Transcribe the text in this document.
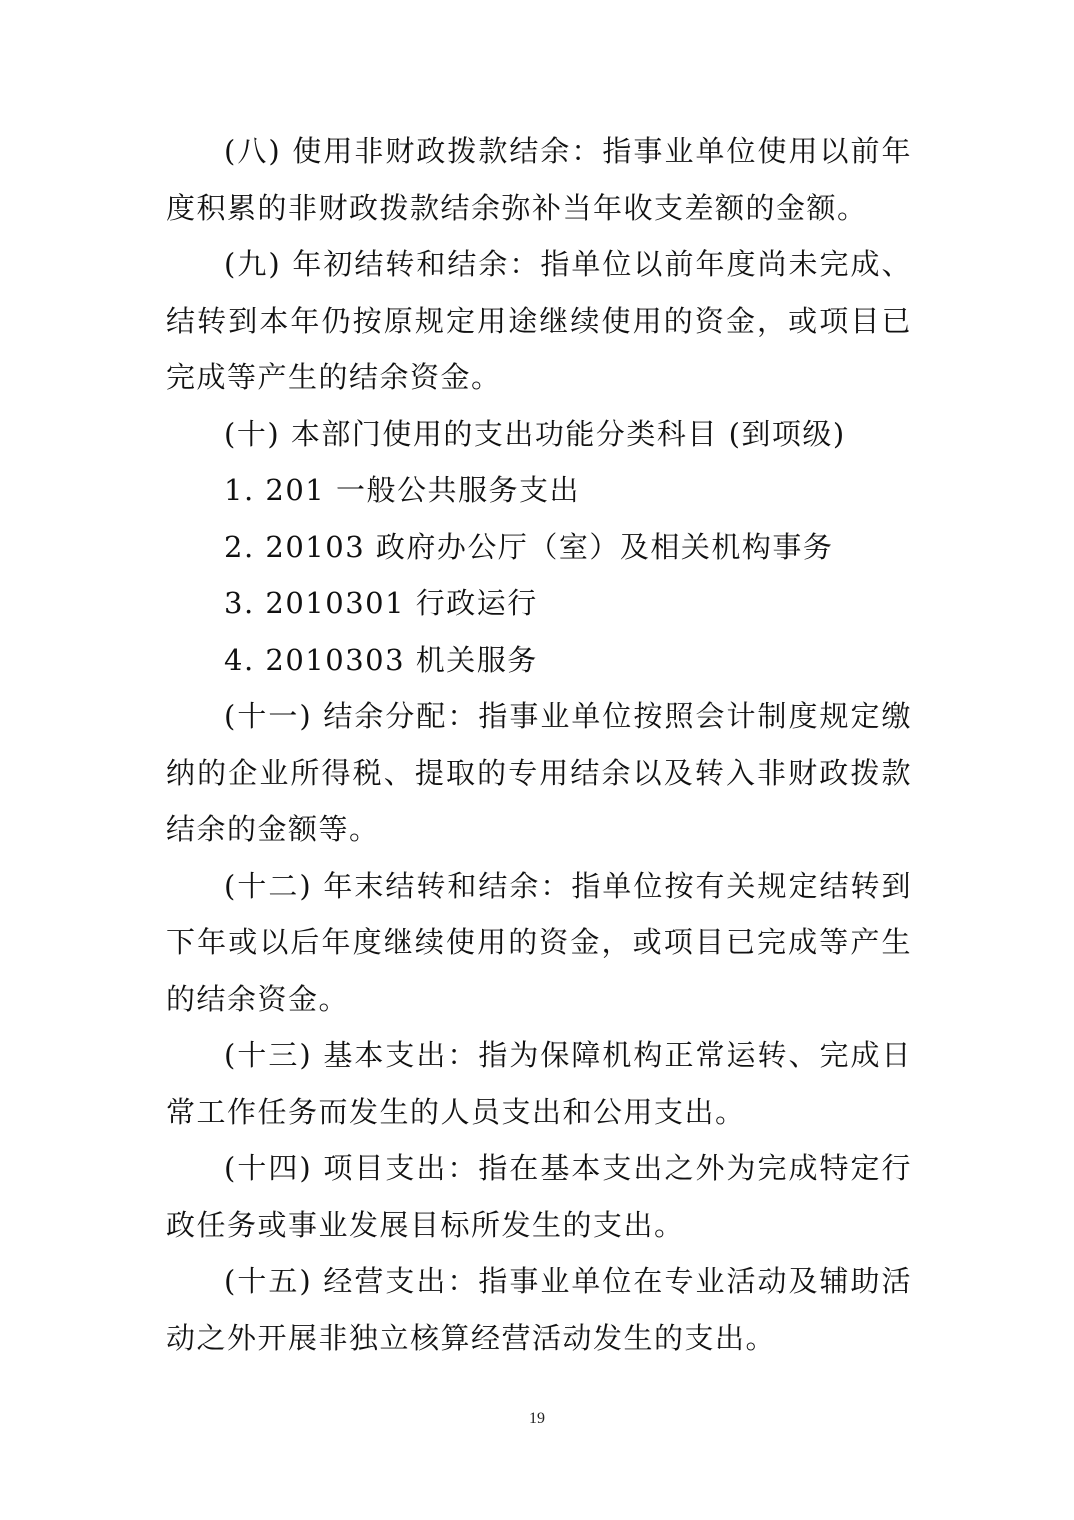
(八) 使用非财政拨款结余：指事业单位使用以前年度积累的非财政拨款结余弥补当年收支差额的金额。

(九) 年初结转和结余：指单位以前年度尚未完成、结转到本年仍按原规定用途继续使用的资金，或项目已完成等产生的结余资金。

(十) 本部门使用的支出功能分类科目 (到项级)

1. 201 一般公共服务支出

2. 20103 政府办公厅（室）及相关机构事务

3. 2010301 行政运行

4. 2010303 机关服务

(十一) 结余分配：指事业单位按照会计制度规定缴纳的企业所得税、提取的专用结余以及转入非财政拨款结余的金额等。

(十二) 年末结转和结余：指单位按有关规定结转到下年或以后年度继续使用的资金，或项目已完成等产生的结余资金。

(十三) 基本支出：指为保障机构正常运转、完成日常工作任务而发生的人员支出和公用支出。

(十四) 项目支出：指在基本支出之外为完成特定行政任务或事业发展目标所发生的支出。

(十五) 经营支出：指事业单位在专业活动及辅助活动之外开展非独立核算经营活动发生的支出。

19
